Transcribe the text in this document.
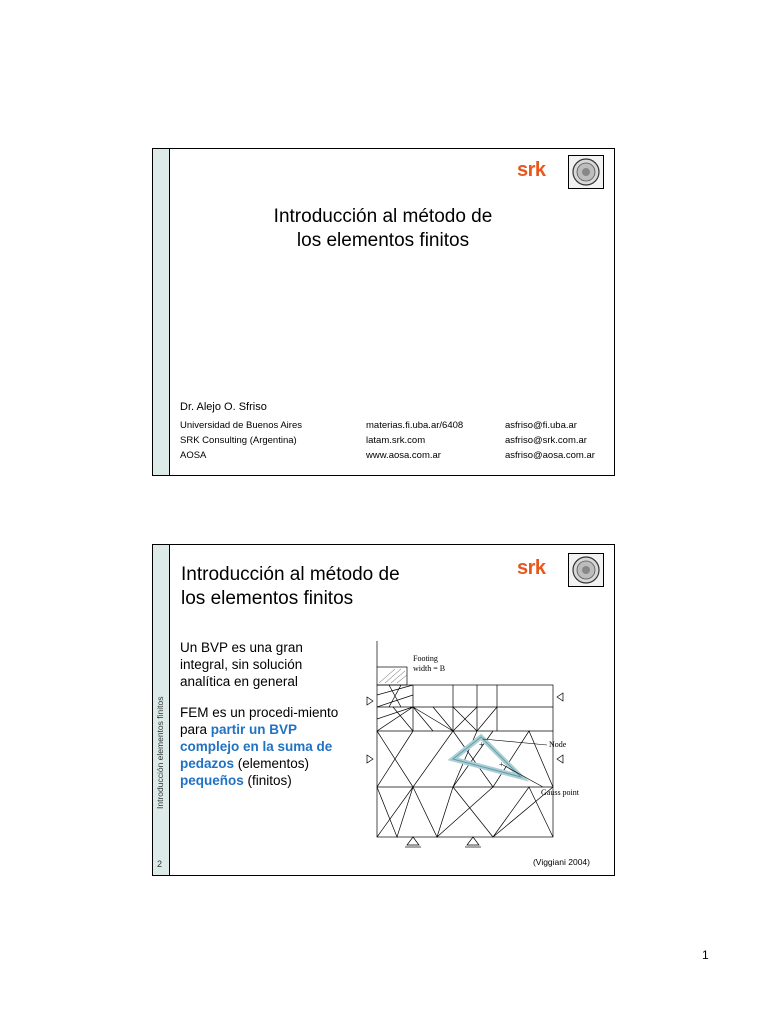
srk
Introducción al método de
los elementos finitos
Dr. Alejo O. Sfriso
Universidad de Buenos Aires	materias.fi.uba.ar/6408	asfriso@fi.uba.ar
SRK Consulting (Argentina)	latam.srk.com	asfriso@srk.com.ar
AOSA	www.aosa.com.ar	asfriso@aosa.com.ar
Introducción elementos finitos
2
srk
Introducción al método de
los elementos finitos

Un BVP es una gran integral, sin solución analítica en general

FEM es un procedi-miento para partir un BVP complejo en la suma de pedazos (elementos) pequeños (finitos)

Footing width = B
Node
Gauss point
+
+
(Viggiani 2004)
1
